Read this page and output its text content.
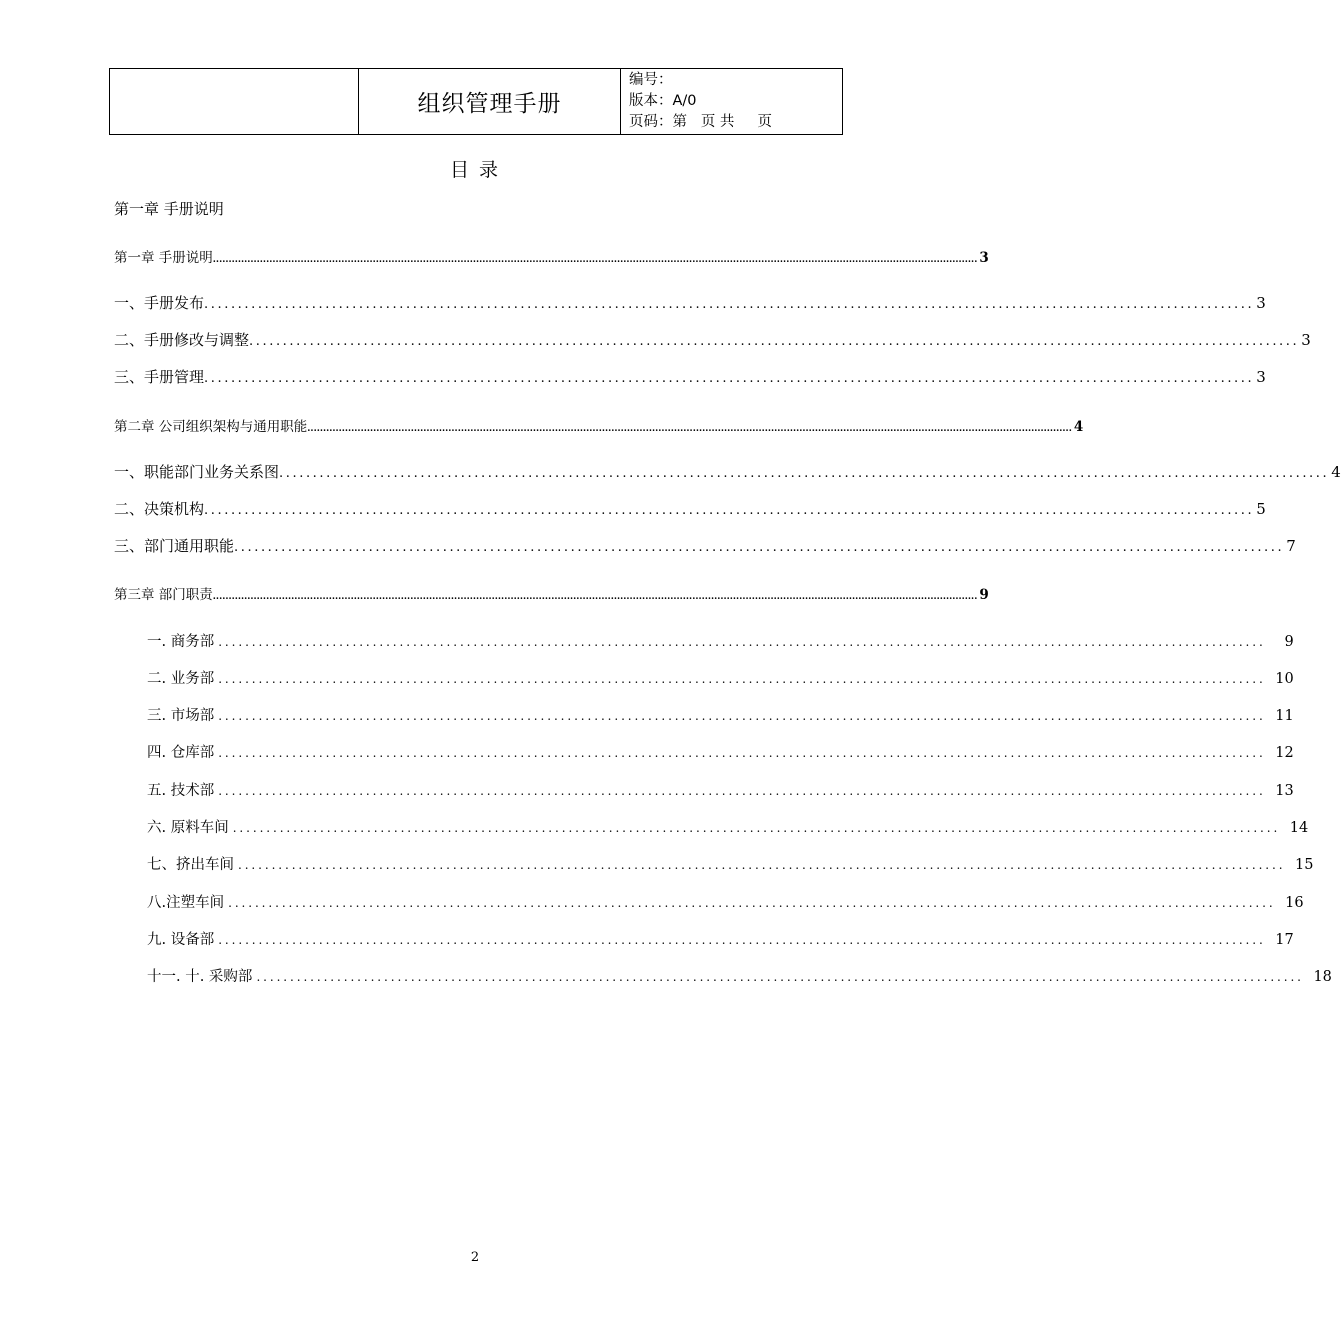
	组织管理手册	
编号：
版本：A/0
页码：第   页 共     页
目 录
第一章 手册说明
第一章 手册说明 .................................................................................................................................................................................................................................................... 3
一、手册发布 ............................................................................................................................................................ 3
二、手册修改与调整 ............................................................................................................................................................ 3
三、手册管理 ............................................................................................................................................................ 3
第二章 公司组织架构与通用职能 .................................................................................................................................................................................................................................................... 4
一、职能部门业务关系图 ............................................................................................................................................................ 4
二、决策机构 ............................................................................................................................................................ 5
三、部门通用职能 ............................................................................................................................................................ 7
第三章 部门职责 .................................................................................................................................................................................................................................................... 9
一. 商务部 ............................................................................................................................................................	9
二. 业务部 ............................................................................................................................................................ 10
三. 市场部 ............................................................................................................................................................ 11
四. 仓库部 ............................................................................................................................................................ 12
五. 技术部 ............................................................................................................................................................ 13
六. 原料车间 ............................................................................................................................................................ 14
七、挤出车间 ............................................................................................................................................................ 15
八.注塑车间 ............................................................................................................................................................ 16
九. 设备部 ............................................................................................................................................................ 17
十一. 十. 采购部 ............................................................................................................................................................ 18
2
